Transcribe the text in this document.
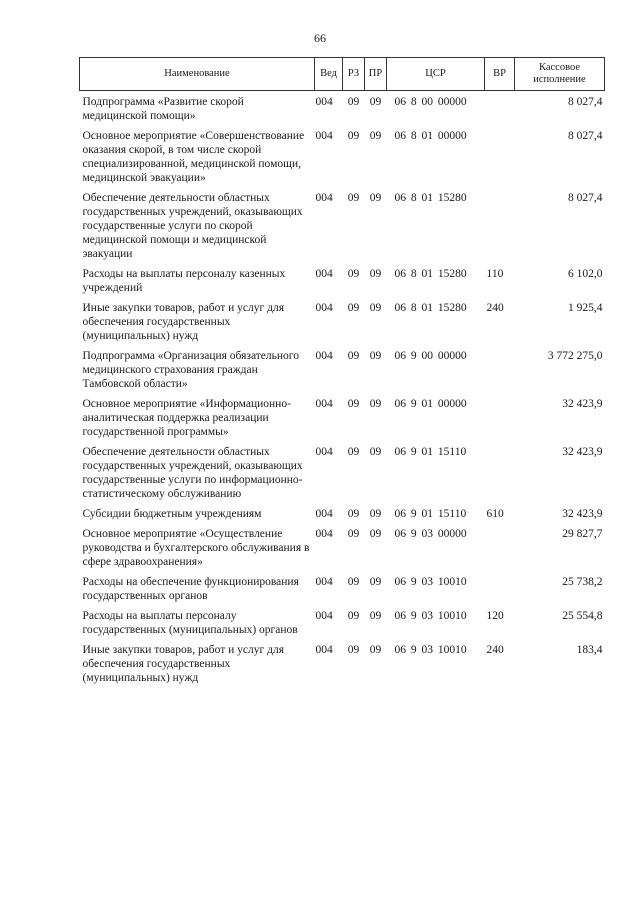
66
Наименование	Вед	РЗ	ПР	ЦСР	ВР	Кассовое исполнение
Подпрограмма «Развитие скорой медицинской помощи»	004	09	09	06 8 00 00000		8 027,4
Основное мероприятие «Совершенствование оказания скорой, в том числе скорой специализированной, медицинской помощи, медицинской эвакуации»	004	09	09	06 8 01 00000		8 027,4
Обеспечение деятельности областных государственных учреждений, оказывающих государственные услуги по скорой медицинской помощи и медицинской эвакуации	004	09	09	06 8 01 15280		8 027,4
Расходы на выплаты персоналу казенных учреждений	004	09	09	06 8 01 15280	110	6 102,0
Иные закупки товаров, работ и услуг для обеспечения государственных (муниципальных) нужд	004	09	09	06 8 01 15280	240	1 925,4
Подпрограмма «Организация обязательного медицинского страхования граждан Тамбовской области»	004	09	09	06 9 00 00000		3 772 275,0
Основное мероприятие «Информационно-аналитическая поддержка реализации государственной программы»	004	09	09	06 9 01 00000		32 423,9
Обеспечение деятельности областных государственных учреждений, оказывающих государственные услуги по информационно-статистическому обслуживанию	004	09	09	06 9 01 15110		32 423,9
Субсидии бюджетным учреждениям	004	09	09	06 9 01 15110	610	32 423,9
Основное мероприятие «Осуществление руководства и бухгалтерского обслуживания в сфере здравоохранения»	004	09	09	06 9 03 00000		29 827,7
Расходы на обеспечение функционирования государственных органов	004	09	09	06 9 03 10010		25 738,2
Расходы на выплаты персоналу государственных (муниципальных) органов	004	09	09	06 9 03 10010	120	25 554,8
Иные закупки товаров, работ и услуг для обеспечения государственных (муниципальных) нужд	004	09	09	06 9 03 10010	240	183,4
